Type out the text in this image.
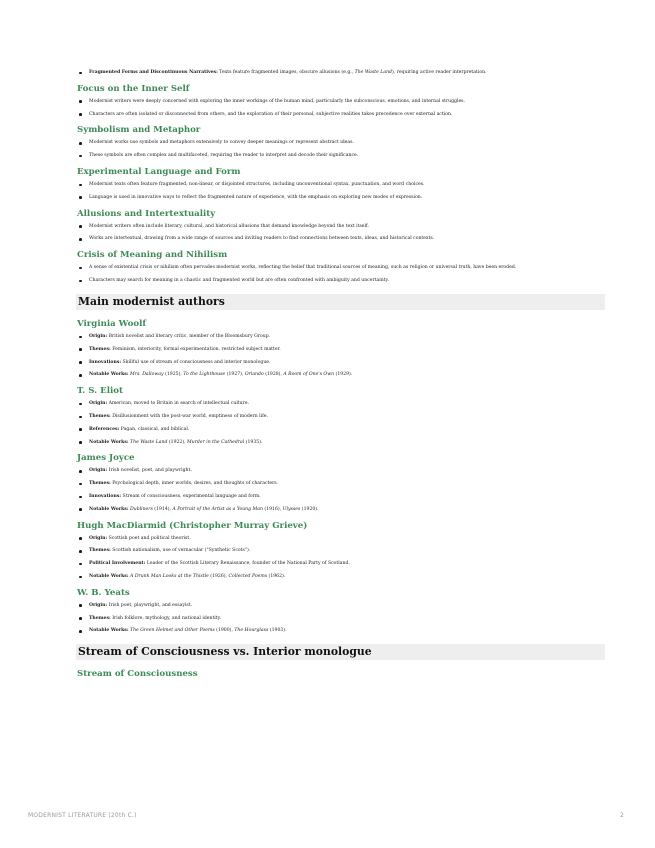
Fragmented Forms and Discontinuous Narratives: Texts feature fragmented images, obscure allusions (e.g., The Waste Land), requiring active reader interpretation.
Focus on the Inner Self
Modernist writers were deeply concerned with exploring the inner workings of the human mind, particularly the subconscious, emotions, and internal struggles.
Characters are often isolated or disconnected from others, and the exploration of their personal, subjective realities takes precedence over external action.
Symbolism and Metaphor
Modernist works use symbols and metaphors extensively to convey deeper meanings or represent abstract ideas.
These symbols are often complex and multifaceted, requiring the reader to interpret and decode their significance.
Experimental Language and Form
Modernist texts often feature fragmented, non-linear, or disjointed structures, including unconventional syntax, punctuation, and word choices.
Language is used in innovative ways to reflect the fragmented nature of experience, with the emphasis on exploring new modes of expression.
Allusions and Intertextuality
Modernist writers often include literary, cultural, and historical allusions that demand knowledge beyond the text itself.
Works are intertextual, drawing from a wide range of sources and inviting readers to find connections between texts, ideas, and historical contexts.
Crisis of Meaning and Nihilism
A sense of existential crisis or nihilism often pervades modernist works, reflecting the belief that traditional sources of meaning, such as religion or universal truth, have been eroded.
Characters may search for meaning in a chaotic and fragmented world but are often confronted with ambiguity and uncertainty.
Main modernist authors
Virginia Woolf
Origin: British novelist and literary critic, member of the Bloomsbury Group.
Themes: Feminism, interiority, formal experimentation, restricted subject matter.
Innovations: Skillful use of stream of consciousness and interior monologue.
Notable Works: Mrs. Dalloway (1925), To the Lighthouse (1927), Orlando (1928), A Room of One's Own (1929).
T. S. Eliot
Origin: American, moved to Britain in search of intellectual culture.
Themes: Disillusionment with the post-war world, emptiness of modern life.
References: Pagan, classical, and biblical.
Notable Works: The Waste Land (1922), Murder in the Cathedral (1935).
James Joyce
Origin: Irish novelist, poet, and playwright.
Themes: Psychological depth, inner worlds, desires, and thoughts of characters.
Innovations: Stream of consciousness, experimental language and form.
Notable Works: Dubliners (1914), A Portrait of the Artist as a Young Man (1916), Ulysses (1920).
Hugh MacDiarmid (Christopher Murray Grieve)
Origin: Scottish poet and political theorist.
Themes: Scottish nationalism, use of vernacular ("Synthetic Scots").
Political Involvement: Leader of the Scottish Literary Renaissance, founder of the National Party of Scotland.
Notable Works: A Drunk Man Looks at the Thistle (1926), Collected Poems (1962).
W. B. Yeats
Origin: Irish poet, playwright, and essayist.
Themes: Irish folklore, mythology, and national identity.
Notable Works: The Green Helmet and Other Poems (1900), The Hourglass (1903).
Stream of Consciousness vs. Interior monologue
Stream of Consciousness
MODERNIST LITERATURE (20th C.)	2
